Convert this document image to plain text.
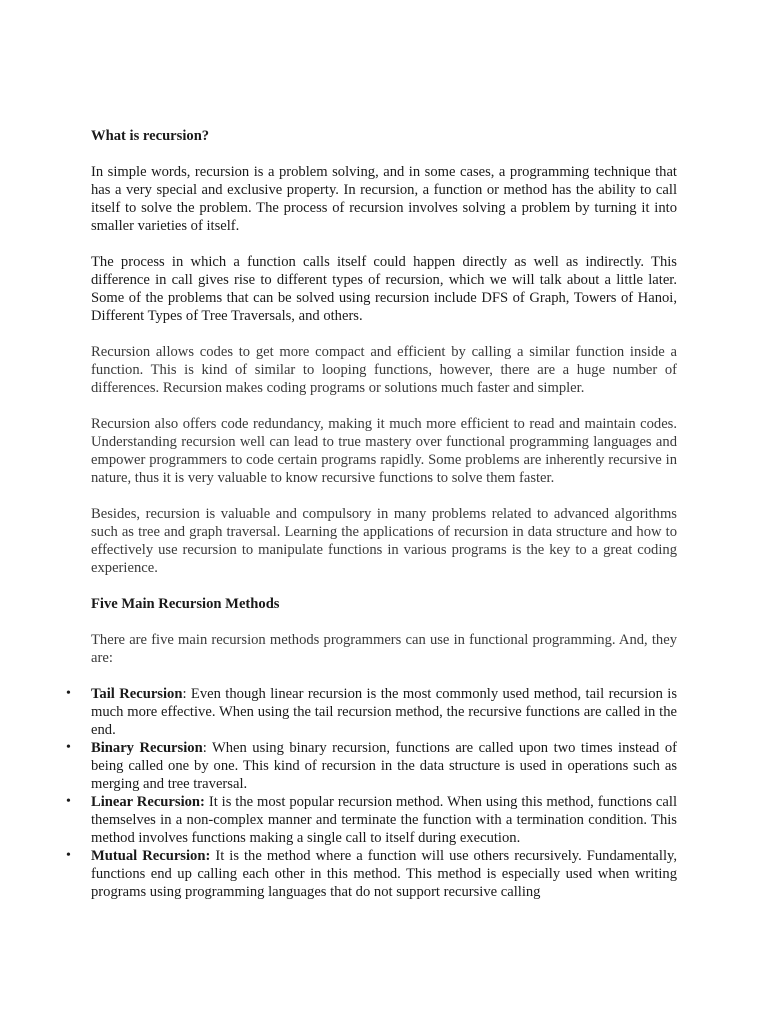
What is recursion?

In simple words, recursion is a problem solving, and in some cases, a programming technique that has a very special and exclusive property. In recursion, a function or method has the ability to call itself to solve the problem. The process of recursion involves solving a problem by turning it into smaller varieties of itself.

The process in which a function calls itself could happen directly as well as indirectly. This difference in call gives rise to different types of recursion, which we will talk about a little later. Some of the problems that can be solved using recursion include DFS of Graph, Towers of Hanoi, Different Types of Tree Traversals, and others.

Recursion allows codes to get more compact and efficient by calling a similar function inside a function. This is kind of similar to looping functions, however, there are a huge number of differences. Recursion makes coding programs or solutions much faster and simpler.

Recursion also offers code redundancy, making it much more efficient to read and maintain codes. Understanding recursion well can lead to true mastery over functional programming languages and empower programmers to code certain programs rapidly. Some problems are inherently recursive in nature, thus it is very valuable to know recursive functions to solve them faster.

Besides, recursion is valuable and compulsory in many problems related to advanced algorithms such as tree and graph traversal. Learning the applications of recursion in data structure and how to effectively use recursion to manipulate functions in various programs is the key to a great coding experience.

Five Main Recursion Methods

There are five main recursion methods programmers can use in functional programming. And, they are:

• Tail Recursion: Even though linear recursion is the most commonly used method, tail recursion is much more effective. When using the tail recursion method, the recursive functions are called in the end.
• Binary Recursion: When using binary recursion, functions are called upon two times instead of being called one by one. This kind of recursion in the data structure is used in operations such as merging and tree traversal.
• Linear Recursion: It is the most popular recursion method. When using this method, functions call themselves in a non-complex manner and terminate the function with a termination condition. This method involves functions making a single call to itself during execution.
• Mutual Recursion: It is the method where a function will use others recursively. Fundamentally, functions end up calling each other in this method. This method is especially used when writing programs using programming languages that do not support recursive calling
